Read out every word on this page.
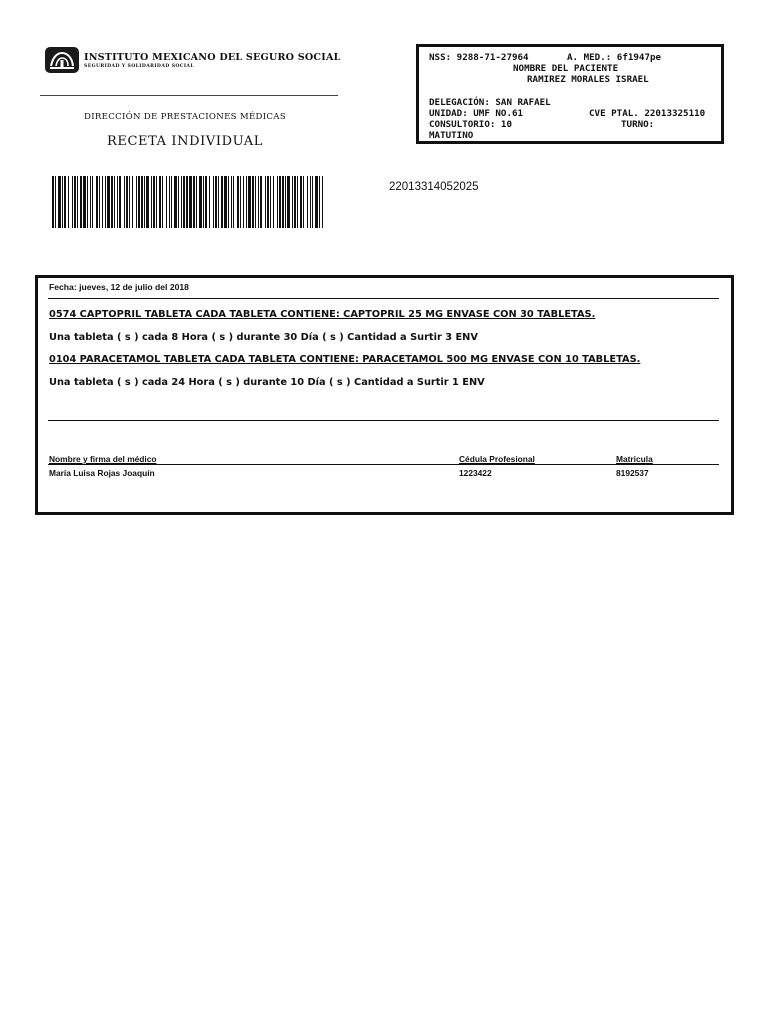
INSTITUTO MEXICANO DEL SEGURO SOCIAL
SEGURIDAD Y SOLIDARIDAD SOCIAL
DIRECCIÓN DE PRESTACIONES MÉDICAS
RECETA INDIVIDUAL
NSS: 9288-71-27964	A. MED.: 6f1947pe
NOMBRE DEL PACIENTE
RAMIREZ MORALES ISRAEL
DELEGACIÓN: SAN RAFAEL
UNIDAD: UMF NO.61	CVE PTAL. 22013325110
CONSULTORIO: 10	TURNO:
MATUTINO
22013314052025
Fecha: jueves, 12 de julio del 2018
0574 CAPTOPRIL TABLETA CADA TABLETA CONTIENE: CAPTOPRIL 25 MG ENVASE CON 30 TABLETAS.
Una tableta ( s ) cada 8 Hora ( s ) durante 30 Día ( s ) Cantidad a Surtir 3 ENV
0104 PARACETAMOL TABLETA CADA TABLETA CONTIENE: PARACETAMOL 500 MG ENVASE CON 10 TABLETAS.
Una tableta ( s ) cada 24 Hora ( s ) durante 10 Día ( s ) Cantidad a Surtir 1 ENV
Nombre y firma del médico	Cédula Profesional	Matricula
María Luisa Rojas Joaquín	1223422	8192537
